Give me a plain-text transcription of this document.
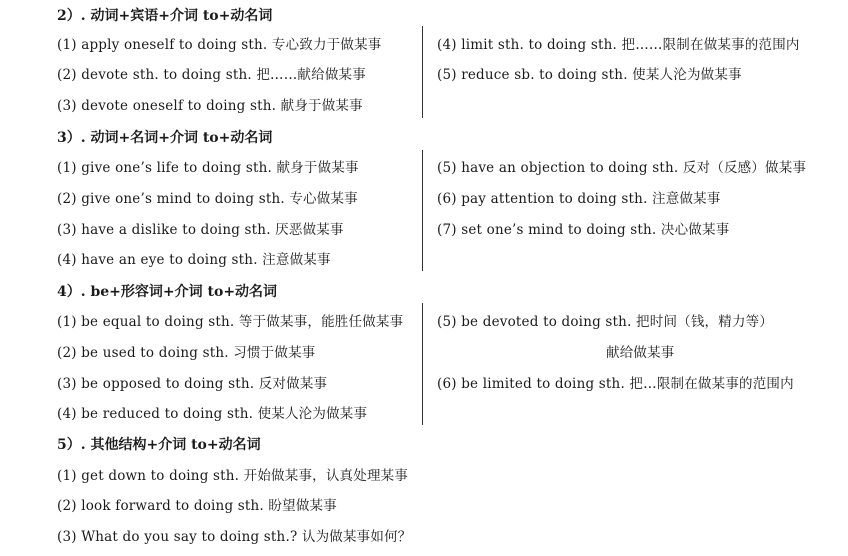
2）. 动词+宾语+介词 to+动名词
(1) apply oneself to doing sth. 专心致力于做某事
(2) devote sth. to doing sth. 把……献给做某事
(3) devote oneself to doing sth. 献身于做某事
(4) limit sth. to doing sth. 把……限制在做某事的范围内
(5) reduce sb. to doing sth. 使某人沦为做某事
3）. 动词+名词+介词 to+动名词
(1) give one’s life to doing sth. 献身于做某事
(2) give one’s mind to doing sth. 专心做某事
(3) have a dislike to doing sth. 厌恶做某事
(4) have an eye to doing sth. 注意做某事
(5) have an objection to doing sth. 反对（反感）做某事
(6) pay attention to doing sth. 注意做某事
(7) set one’s mind to doing sth. 决心做某事
4）. be+形容词+介词 to+动名词
(1) be equal to doing sth. 等于做某事，能胜任做某事
(2) be used to doing sth. 习惯于做某事
(3) be opposed to doing sth. 反对做某事
(4) be reduced to doing sth. 使某人沦为做某事
(5) be devoted to doing sth. 把时间（钱，精力等）
献给做某事
(6) be limited to doing sth. 把…限制在做某事的范围内
5）. 其他结构+介词 to+动名词
(1) get down to doing sth. 开始做某事，认真处理某事
(2) look forward to doing sth. 盼望做某事
(3) What do you say to doing sth.? 认为做某事如何？
